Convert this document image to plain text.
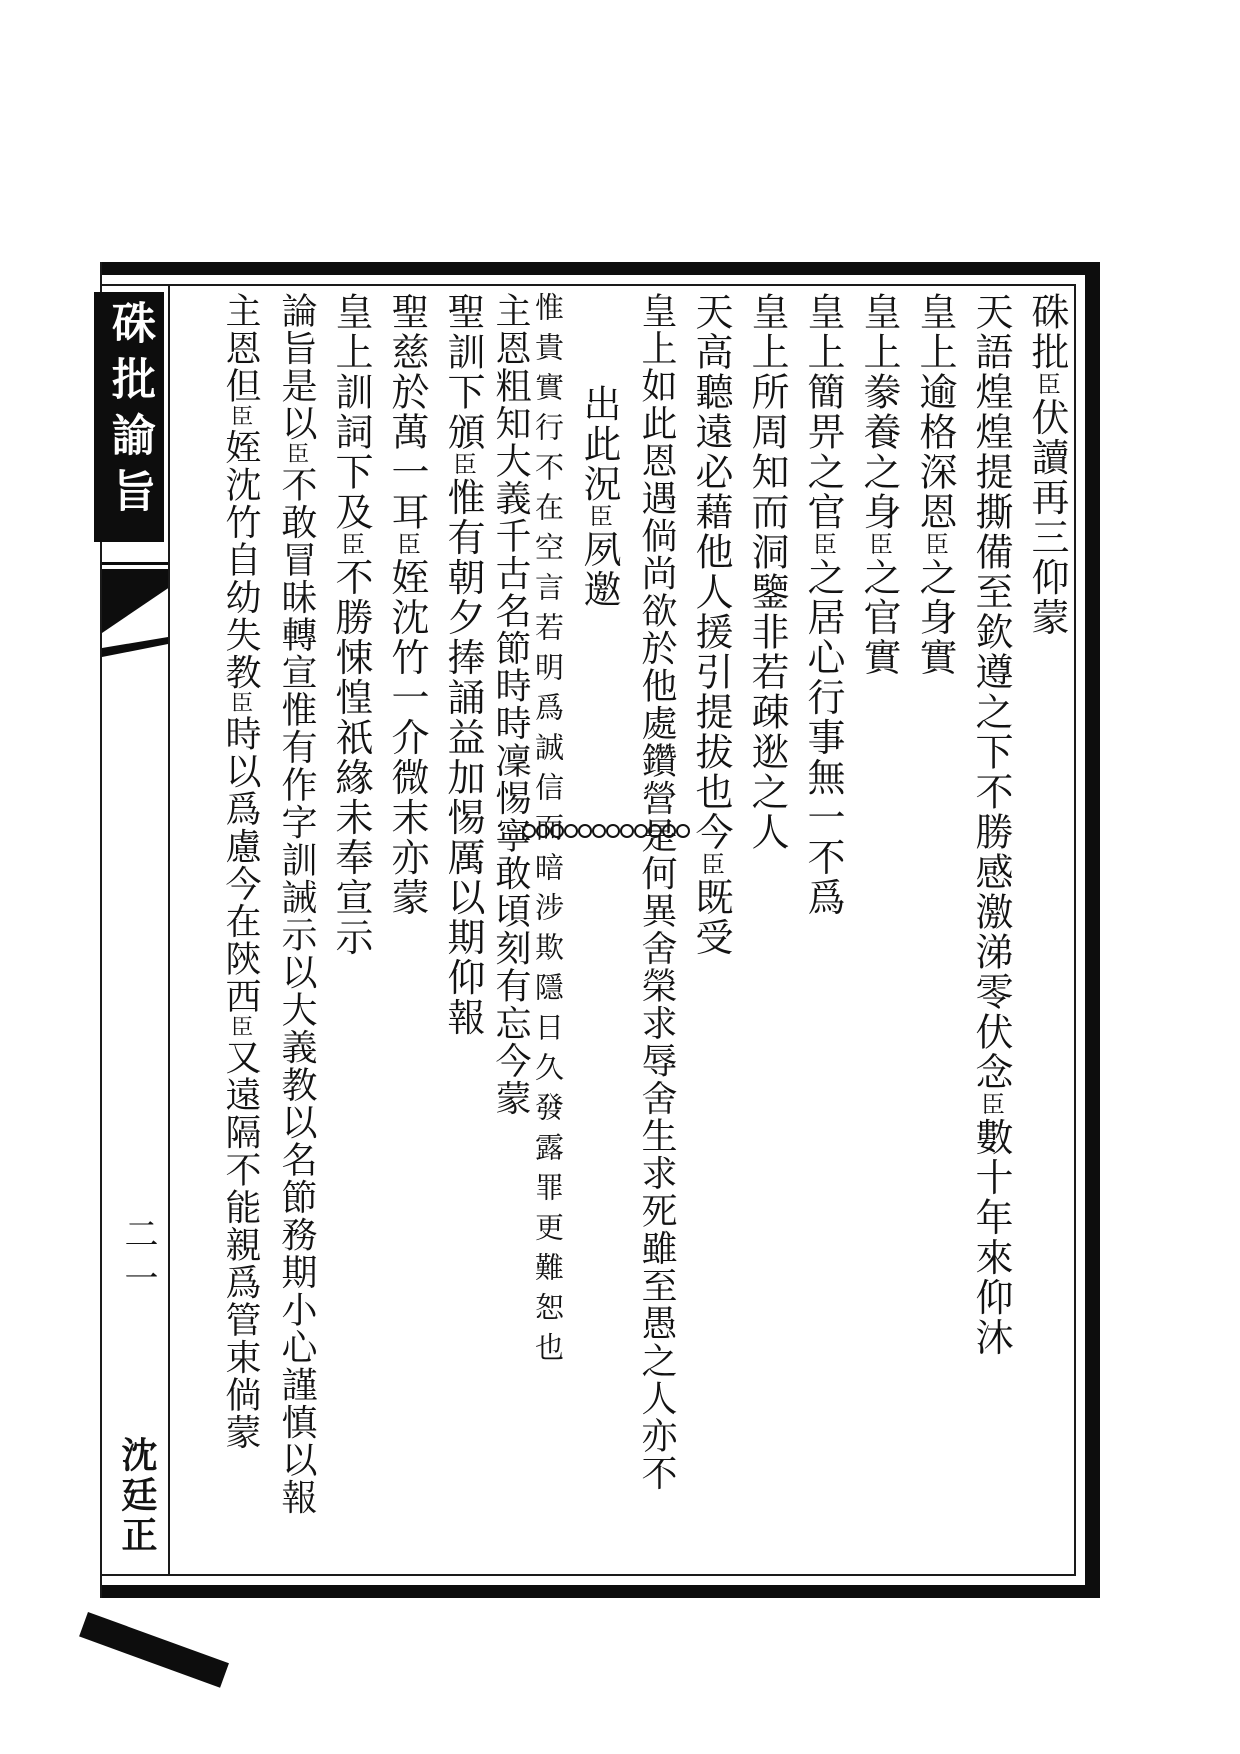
硃批諭旨
二一
沈廷正
硃批臣伏讀再三仰蒙
天語煌煌提撕備至欽遵之下不勝感激涕零伏念臣數十年來仰沐
皇上逾格深恩臣之身實
皇上豢養之身臣之官實
皇上簡畀之官臣之居心行事無一不爲
皇上所周知而洞鑒非若疎逖之人
天高聽遠必藉他人援引提拔也今臣既受
皇上如此恩遇倘尚欲於他處鑽營是何異舍榮求辱舍生求死雖至愚之人亦不
出此況臣夙邀
惟貴實行不在空言若明爲誠信而暗涉欺隱日久發露罪更難恕也
主恩粗知大義千古名節時時凜惕寧敢頃刻有忘今蒙
聖訓下頒臣惟有朝夕捧誦益加惕厲以期仰報
聖慈於萬一耳臣姪沈竹一介微末亦蒙
皇上訓詞下及臣不勝悚惶祇緣未奉宣示
論旨是以臣不敢冒昧轉宣惟有作字訓誡示以大義教以名節務期小心謹慎以報
主恩但臣姪沈竹自幼失教臣時以爲慮今在陝西臣又遠隔不能親爲管束倘蒙
